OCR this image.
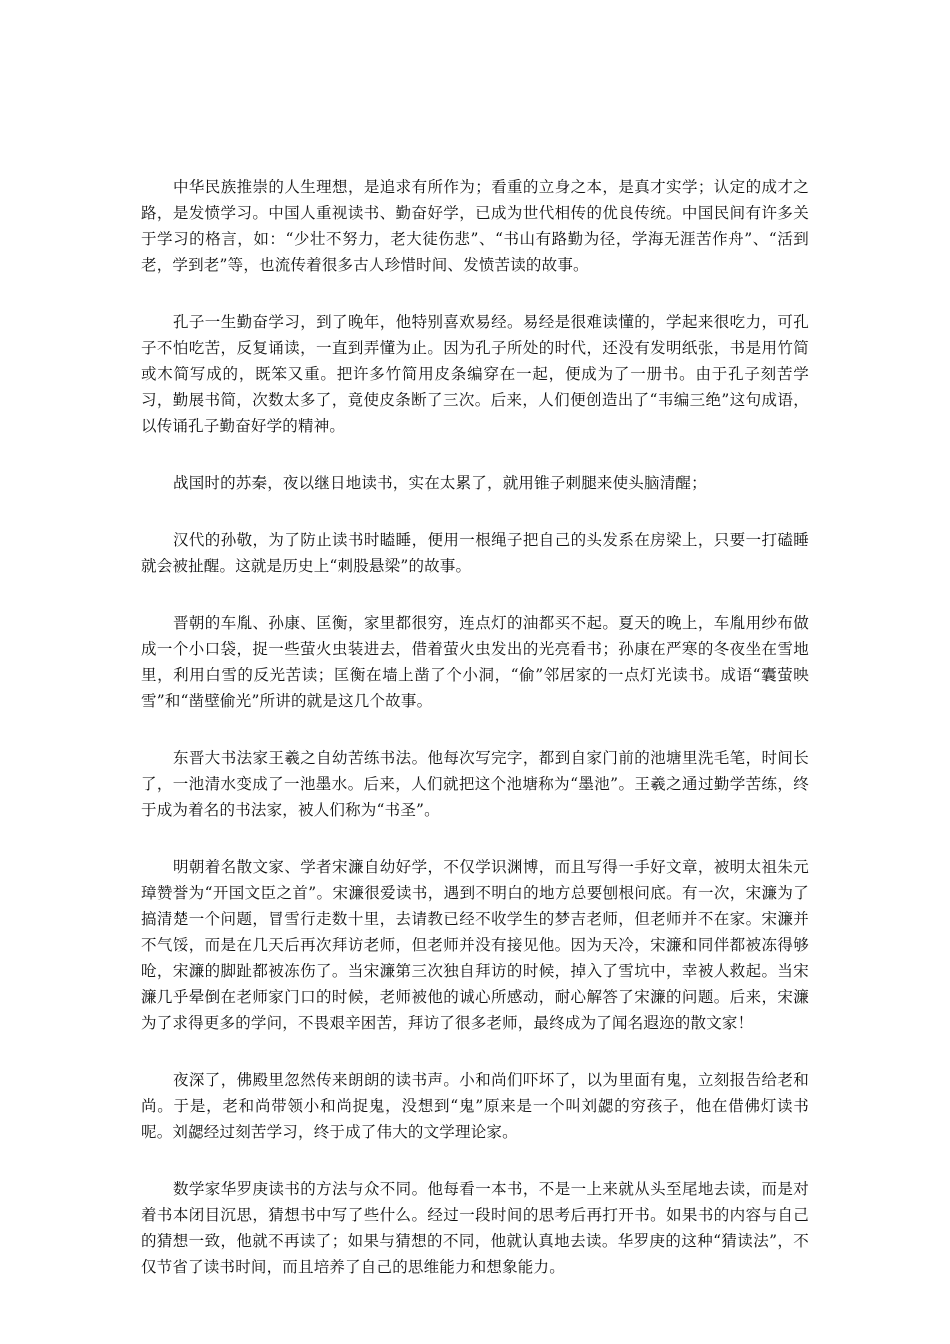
中华民族推崇的人生理想，是追求有所作为；看重的立身之本，是真才实学；认定的成才之路，是发愤学习。中国人重视读书、勤奋好学，已成为世代相传的优良传统。中国民间有许多关于学习的格言，如：“少壮不努力，老大徒伤悲”、“书山有路勤为径，学海无涯苦作舟”、“活到老，学到老”等，也流传着很多古人珍惜时间、发愤苦读的故事。

孔子一生勤奋学习，到了晚年，他特别喜欢易经。易经是很难读懂的，学起来很吃力，可孔子不怕吃苦，反复诵读，一直到弄懂为止。因为孔子所处的时代，还没有发明纸张，书是用竹简或木简写成的，既笨又重。把许多竹简用皮条编穿在一起，便成为了一册书。由于孔子刻苦学习，勤展书简，次数太多了，竟使皮条断了三次。后来，人们便创造出了“韦编三绝”这句成语，以传诵孔子勤奋好学的精神。

战国时的苏秦，夜以继日地读书，实在太累了，就用锥子刺腿来使头脑清醒；

汉代的孙敬，为了防止读书时瞌睡，便用一根绳子把自己的头发系在房梁上，只要一打磕睡就会被扯醒。这就是历史上“刺股悬梁”的故事。

晋朝的车胤、孙康、匡衡，家里都很穷，连点灯的油都买不起。夏天的晚上，车胤用纱布做成一个小口袋，捉一些萤火虫装进去，借着萤火虫发出的光亮看书；孙康在严寒的冬夜坐在雪地里，利用白雪的反光苦读；匡衡在墙上凿了个小洞，“偷”邻居家的一点灯光读书。成语“囊萤映雪”和“凿壁偷光”所讲的就是这几个故事。

东晋大书法家王羲之自幼苦练书法。他每次写完字，都到自家门前的池塘里洗毛笔，时间长了，一池清水变成了一池墨水。后来，人们就把这个池塘称为“墨池”。王羲之通过勤学苦练，终于成为着名的书法家，被人们称为“书圣”。

明朝着名散文家、学者宋濂自幼好学，不仅学识渊博，而且写得一手好文章，被明太祖朱元璋赞誉为“开国文臣之首”。宋濂很爱读书，遇到不明白的地方总要刨根问底。有一次，宋濂为了搞清楚一个问题，冒雪行走数十里，去请教已经不收学生的梦吉老师，但老师并不在家。宋濂并不气馁，而是在几天后再次拜访老师，但老师并没有接见他。因为天冷，宋濂和同伴都被冻得够呛，宋濂的脚趾都被冻伤了。当宋濂第三次独自拜访的时候，掉入了雪坑中，幸被人救起。当宋濂几乎晕倒在老师家门口的时候，老师被他的诚心所感动，耐心解答了宋濂的问题。后来，宋濂为了求得更多的学问，不畏艰辛困苦，拜访了很多老师，最终成为了闻名遐迩的散文家！

夜深了，佛殿里忽然传来朗朗的读书声。小和尚们吓坏了，以为里面有鬼，立刻报告给老和尚。于是，老和尚带领小和尚捉鬼，没想到“鬼”原来是一个叫刘勰的穷孩子，他在借佛灯读书呢。刘勰经过刻苦学习，终于成了伟大的文学理论家。

数学家华罗庚读书的方法与众不同。他每看一本书，不是一上来就从头至尾地去读，而是对着书本闭目沉思，猜想书中写了些什么。经过一段时间的思考后再打开书。如果书的内容与自己的猜想一致，他就不再读了；如果与猜想的不同，他就认真地去读。华罗庚的这种“猜读法”，不仅节省了读书时间，而且培养了自己的思维能力和想象能力。
